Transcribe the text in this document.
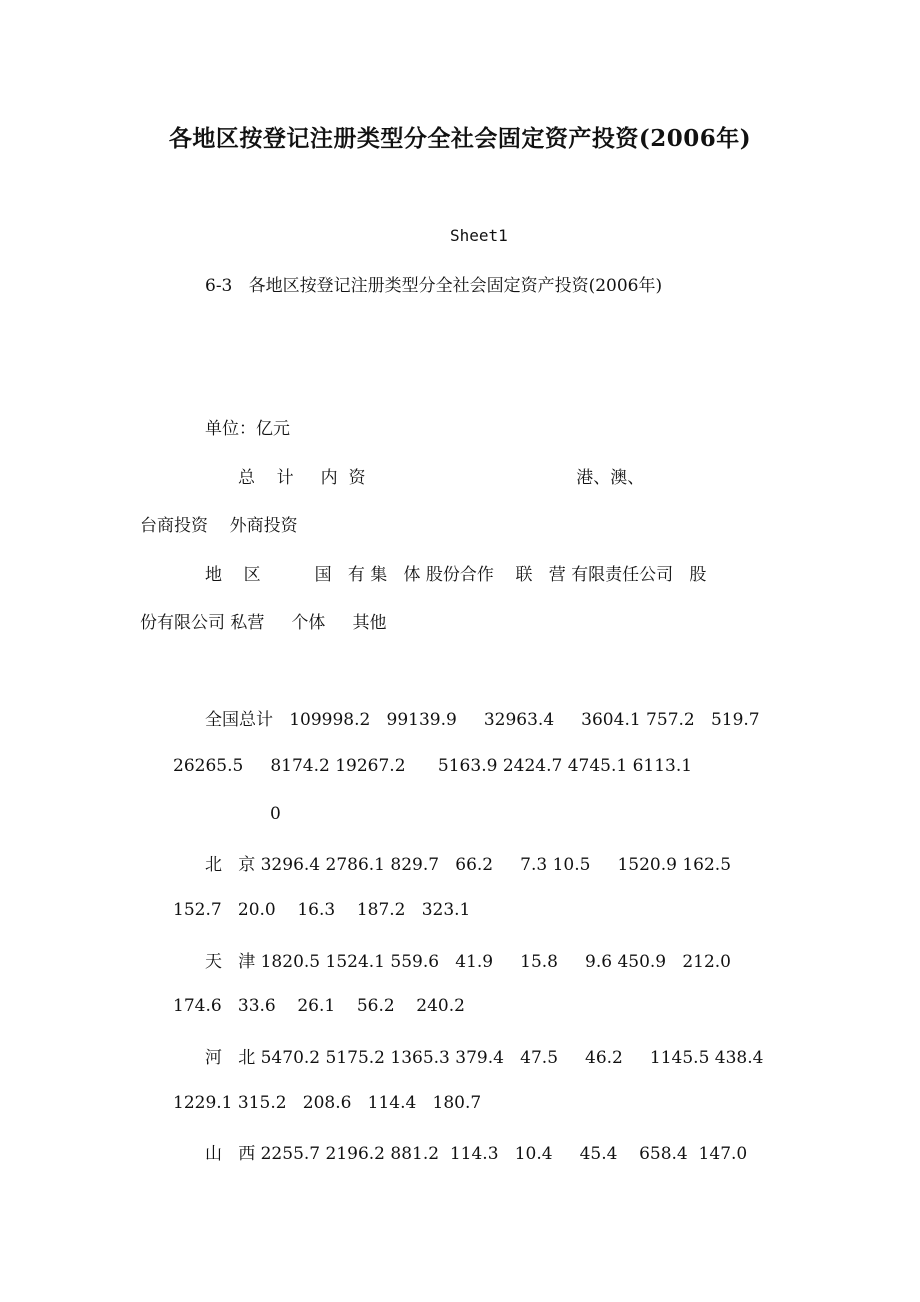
各地区按登记注册类型分全社会固定资产投资(2006年)
Sheet1
6-3   各地区按登记注册类型分全社会固定资产投资(2006年)
单位：亿元
总    计     内  资                                       港、澳、
台商投资    外商投资
地    区          国   有 集   体 股份合作    联   营 有限责任公司   股
份有限公司 私营     个体     其他
全国总计   109998.2   99139.9     32963.4     3604.1 757.2   519.7
26265.5     8174.2 19267.2      5163.9 2424.7 4745.1 6113.1
0
北   京 3296.4 2786.1 829.7   66.2     7.3 10.5     1520.9 162.5
152.7   20.0    16.3    187.2   323.1
天   津 1820.5 1524.1 559.6   41.9     15.8     9.6 450.9   212.0
174.6   33.6    26.1    56.2    240.2
河   北 5470.2 5175.2 1365.3 379.4   47.5     46.2     1145.5 438.4
1229.1 315.2   208.6   114.4   180.7
山   西 2255.7 2196.2 881.2  114.3   10.4     45.4    658.4  147.0
